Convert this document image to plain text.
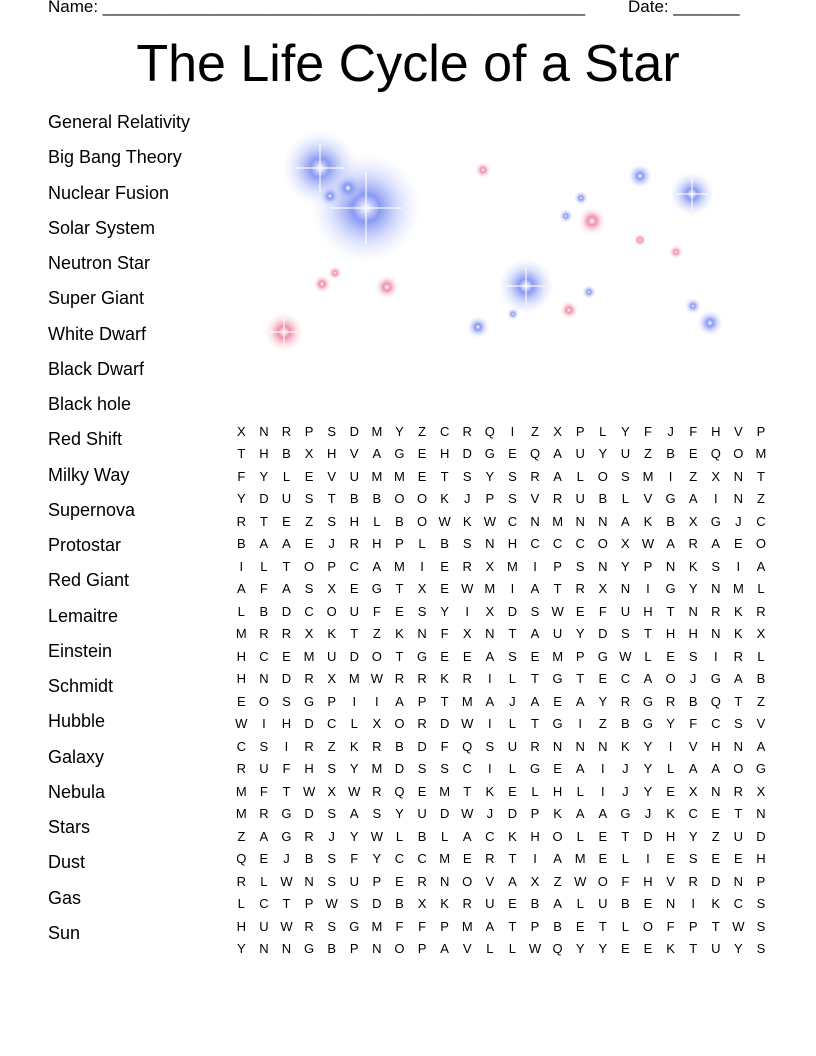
Name: ___________________________________________________	Date: _______
The Life Cycle of a Star
General Relativity
Big Bang Theory
Nuclear Fusion
Solar System
Neutron Star
Super Giant
White Dwarf
Black Dwarf
Black hole
Red Shift
Milky Way
Supernova
Protostar
Red Giant
Lemaitre
Einstein
Schmidt
Hubble
Galaxy
Nebula
Stars
Dust
Gas
Sun
X	N	R	P	S	D	M	Y	Z	C	R	Q	I	Z	X	P	L	Y	F	J	F	H	V	P
T	H	B	X	H	V	A	G	E	H	D	G	E	Q	A	U	Y	U	Z	B	E	Q	O	M
F	Y	L	E	V	U	M	M	E	T	S	Y	S	R	A	L	O	S	M	I	Z	X	N	T
Y	D	U	S	T	B	B	O	O	K	J	P	S	V	R	U	B	L	V	G	A	I	N	Z
R	T	E	Z	S	H	L	B	O	W	K	W	C	N	M	N	N	A	K	B	X	G	J	C
B	A	A	E	J	R	H	P	L	B	S	N	H	C	C	C	O	X	W	A	R	A	E	O
I	L	T	O	P	C	A	M	I	E	R	X	M	I	P	S	N	Y	P	N	K	S	I	A
A	F	A	S	X	E	G	T	X	E	W	M	I	A	T	R	X	N	I	G	Y	N	M	L
L	B	D	C	O	U	F	E	S	Y	I	X	D	S	W	E	F	U	H	T	N	R	K	R
M	R	R	X	K	T	Z	K	N	F	X	N	T	A	U	Y	D	S	T	H	H	N	K	X
H	C	E	M	U	D	O	T	G	E	E	A	S	E	M	P	G	W	L	E	S	I	R	L
H	N	D	R	X	M	W	R	R	K	R	I	L	T	G	T	E	C	A	O	J	G	A	B
E	O	S	G	P	I	I	A	P	T	M	A	J	A	E	A	Y	R	G	R	B	Q	T	Z
W	I	H	D	C	L	X	O	R	D	W	I	L	T	G	I	Z	B	G	Y	F	C	S	V
C	S	I	R	Z	K	R	B	D	F	Q	S	U	R	N	N	N	K	Y	I	V	H	N	A
R	U	F	H	S	Y	M	D	S	S	C	I	L	G	E	A	I	J	Y	L	A	A	O	G
M	F	T	W	X	W	R	Q	E	M	T	K	E	L	H	L	I	J	Y	E	X	N	R	X
M	R	G	D	S	A	S	Y	U	D	W	J	D	P	K	A	A	G	J	K	C	E	T	N
Z	A	G	R	J	Y	W	L	B	L	A	C	K	H	O	L	E	T	D	H	Y	Z	U	D
Q	E	J	B	S	F	Y	C	C	M	E	R	T	I	A	M	E	L	I	E	S	E	E	H
R	L	W	N	S	U	P	E	R	N	O	V	A	X	Z	W	O	F	H	V	R	D	N	P
L	C	T	P	W	S	D	B	X	K	R	U	E	B	A	L	U	B	E	N	I	K	C	S
H	U	W	R	S	G	M	F	F	P	M	A	T	P	B	E	T	L	O	F	P	T	W	S
Y	N	N	G	B	P	N	O	P	A	V	L	L	W	Q	Y	Y	E	E	K	T	U	Y	S
